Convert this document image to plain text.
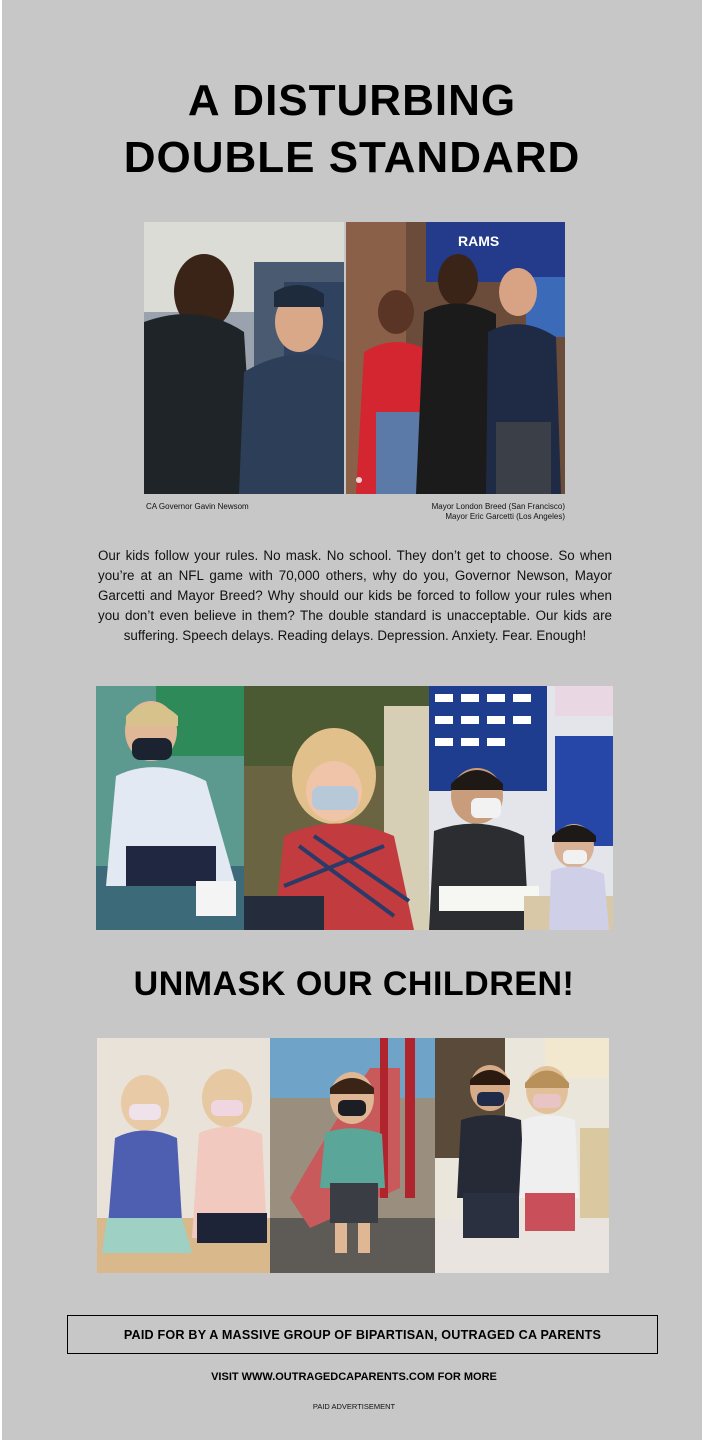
A DISTURBING
DOUBLE STANDARD
RAMS
CA Governor Gavin Newsom	Mayor London Breed (San Francisco)
Mayor Eric Garcetti (Los Angeles)
Our kids follow your rules. No mask. No school. They don’t get to choose. So when you’re at an NFL game with 70,000 others, why do you, Governor Newson, Mayor Garcetti and Mayor Breed? Why should our kids be forced to follow your rules when you don’t even believe in them? The double standard is unacceptable. Our kids are suffering. Speech delays. Reading delays. Depression. Anxiety. Fear. Enough!
UNMASK OUR CHILDREN!
PAID FOR BY A MASSIVE GROUP OF BIPARTISAN, OUTRAGED CA PARENTS
VISIT WWW.OUTRAGEDCAPARENTS.COM FOR MORE
PAID ADVERTISEMENT
